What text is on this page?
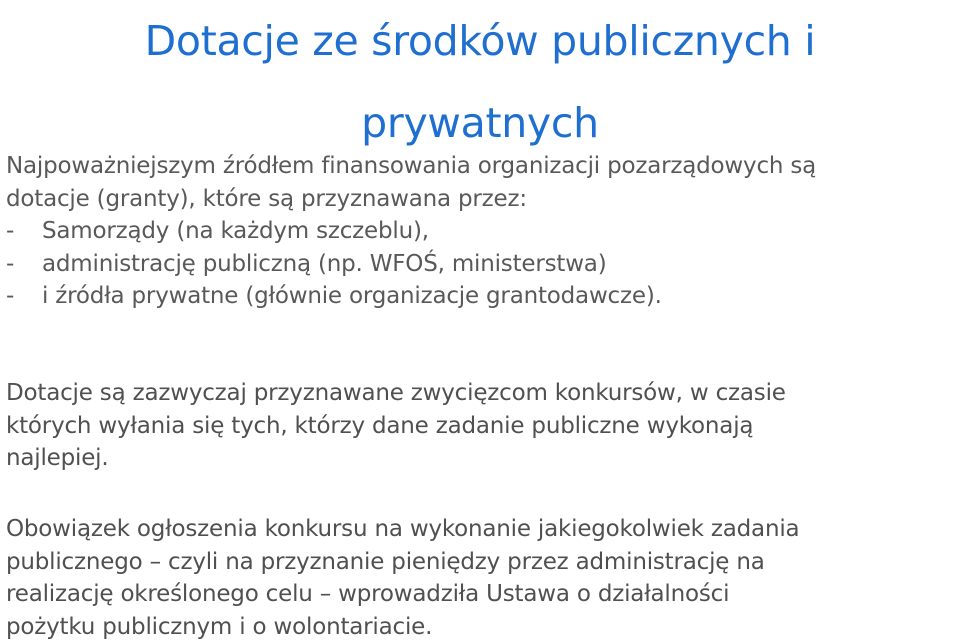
Dotacje ze środków publicznych i
prywatnych
Najpoważniejszym źródłem finansowania organizacji pozarządowych są
dotacje (granty), które są przyznawana przez:
- Samorządy (na każdym szczeblu),
- administrację publiczną (np. WFOŚ, ministerstwa)
- i źródła prywatne (głównie organizacje grantodawcze).
Dotacje są zazwyczaj przyznawane zwycięzcom konkursów, w czasie
których wyłania się tych, którzy dane zadanie publiczne wykonają
najlepiej.
Obowiązek ogłoszenia konkursu na wykonanie jakiegokolwiek zadania
publicznego – czyli na przyznanie pieniędzy przez administrację na
realizację określonego celu – wprowadziła Ustawa o działalności
pożytku publicznym i o wolontariacie.
